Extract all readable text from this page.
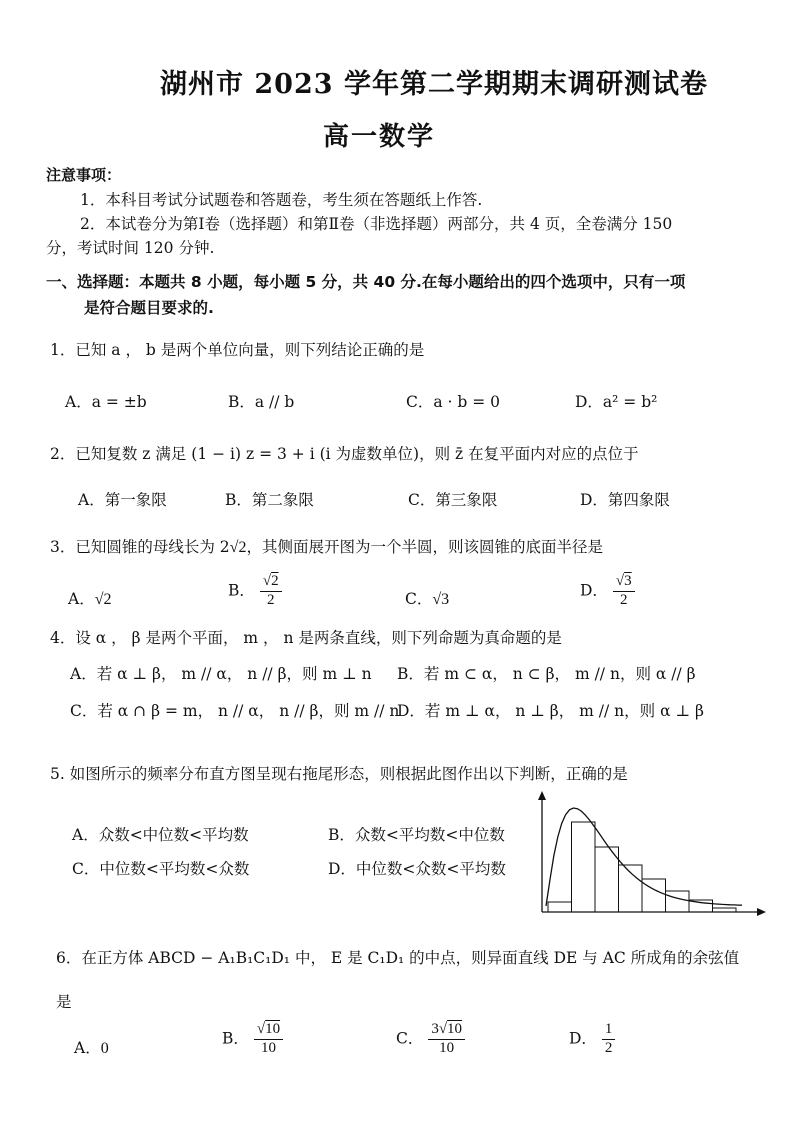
湖州市 2023 学年第二学期期末调研测试卷
高一数学
注意事项：
1．本科目考试分试题卷和答题卷，考生须在答题纸上作答.
2．本试卷分为第Ⅰ卷（选择题）和第Ⅱ卷（非选择题）两部分，共 4 页，全卷满分 150
分，考试时间 120 分钟.
一、选择题：本题共 8 小题，每小题 5 分，共 40 分.在每小题给出的四个选项中，只有一项
是符合题目要求的.
1．已知 a ， b 是两个单位向量，则下列结论正确的是
A．a = ±b	B．a // b	C．a · b = 0	D．a² = b²
2．已知复数 z 满足 (1 − i) z = 3 + i (i 为虚数单位)，则 z̄ 在复平面内对应的点位于
A．第一象限	B．第二象限	C．第三象限	D．第四象限
3．已知圆锥的母线长为 2√2，其侧面展开图为一个半圆，则该圆锥的底面半径是
A．√2
B． $\frac{√2}{2}$	C．√3
D． $\frac{√3}{2}$
4．设 α ， β 是两个平面， m ， n 是两条直线，则下列命题为真命题的是
A．若 α ⊥ β， m // α， n // β，则 m ⊥ n B．若 m ⊂ α， n ⊂ β， m // n，则 α // β
C．若 α ∩ β = m， n // α， n // β，则 m // n
D．若 m ⊥ α， n ⊥ β， m // n，则 α ⊥ β
5. 如图所示的频率分布直方图呈现右拖尾形态，则根据此图作出以下判断，正确的是
A．众数<中位数<平均数	B．众数<平均数<中位数
C．中位数<平均数<众数	D．中位数<众数<平均数
6．在正方体 ABCD − A₁B₁C₁D₁ 中， E 是 C₁D₁ 的中点，则异面直线 DE 与 AC 所成角的余弦值
是
A．0
B． $\frac{√10}{10}$	C． $\frac{3√10}{10}$	D． $\frac{1}{2}$
